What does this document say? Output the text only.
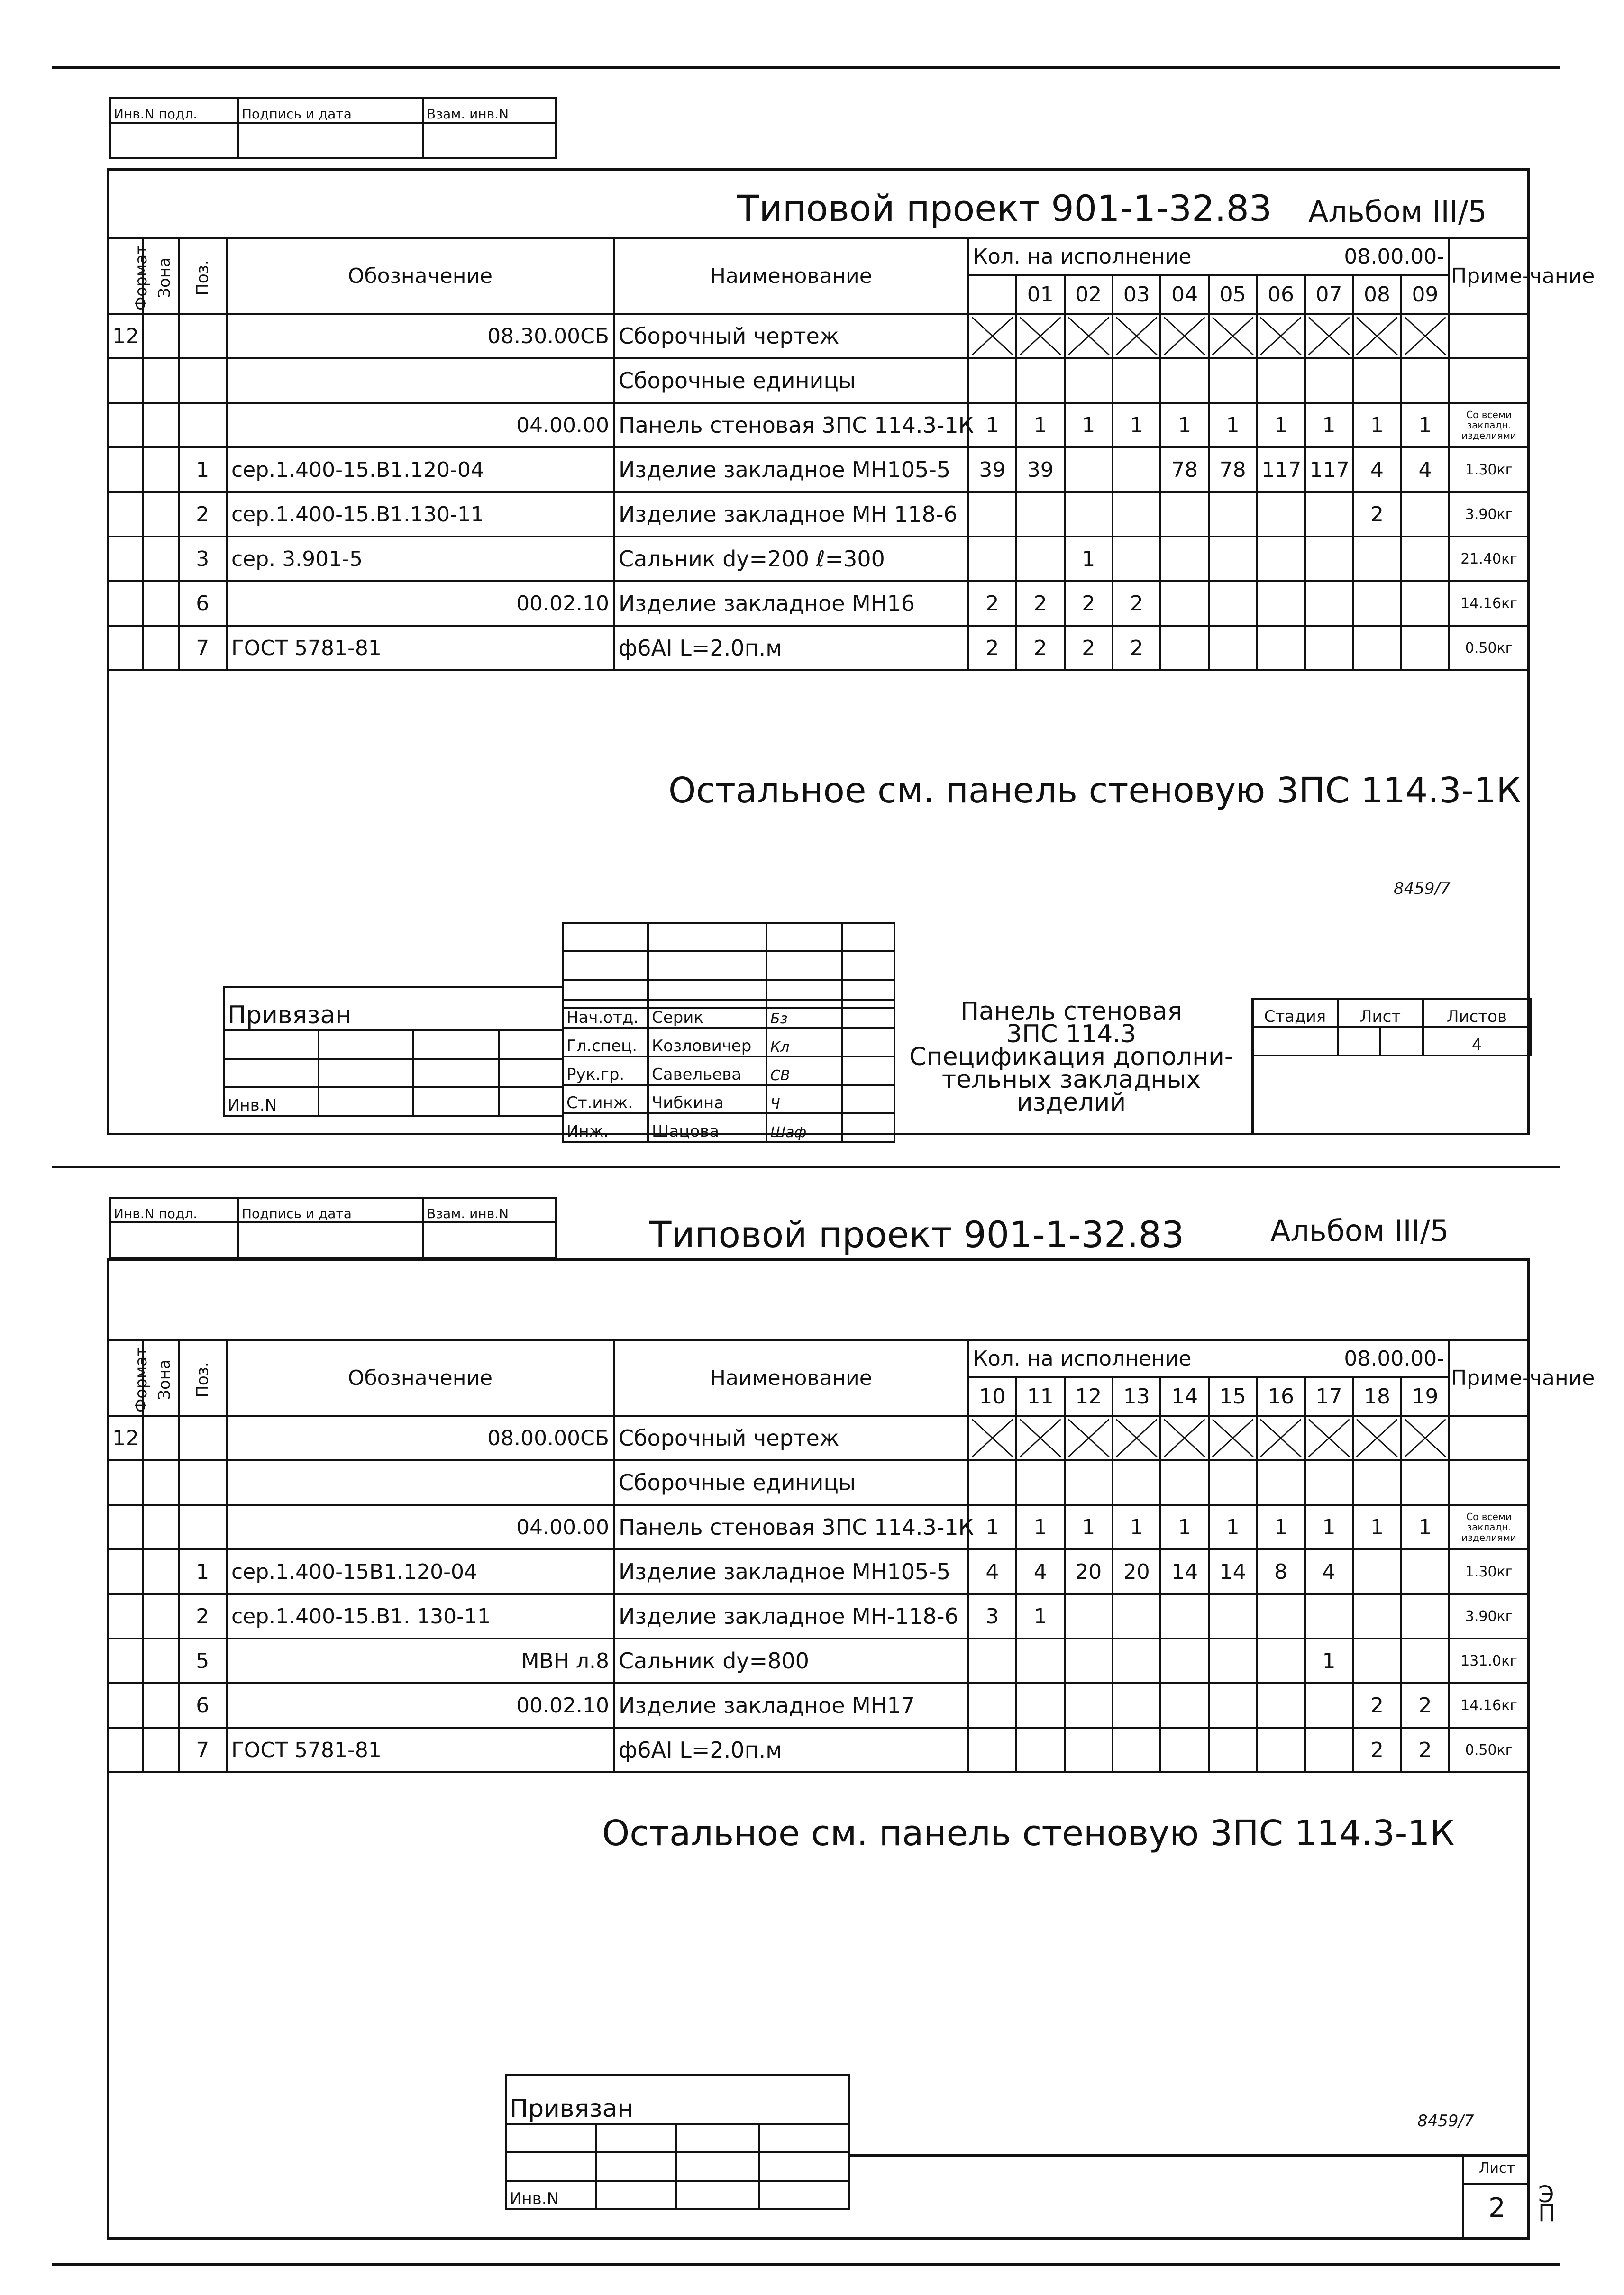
Инв.N подл.	Подпись и дата	Взам. инв.N

Типовой проект 901-1-32.83 Альбом III/5
Формат	Зона	Поз.	Обозначение	Наименование	Кол. на исполнение 08.00.00-										Приме-чание
						01	02	03	04	05	06	07	08	09	
12			08.30.00СБ	Сборочный чертеж	

				Сборочные единицы											
			04.00.00	Панель стеновая 3ПС 114.3-1К	1	1	1	1	1	1	1	1	1	1	Со всеми закладн. изделиями
		1	сер.1.400-15.В1.120-04	Изделие закладное МН105-5	39	39			78	78	117	117	4	4	1.30кг
		2	сер.1.400-15.В1.130-11	Изделие закладное МН 118-6									2		3.90кг
		3	сер. 3.901-5	Сальник dу=200 ℓ=300			1								21.40кг
		6	00.02.10	Изделие закладное МН16	2	2	2	2							14.16кг
		7	ГОСТ 5781-81	ф6АI L=2.0п.м	2	2	2	2							0.50кг
Остальное см. панель стеновую 3ПС 114.3-1К
8459/7

Нач.отд.	Серик	Бз	
Гл.спец.	Козловичер	Кл	
Рук.гр.	Савельева	СВ	
Ст.инж.	Чибкина	Ч	
Инж.	Шацова	Шаф	
Привязан			

Инв.N			
Панель стеновая
3ПС 114.3
Спецификация дополни-
тельных закладных
изделий
Стадия	Лист		Листов
			4
Инв.N подл.	Подпись и дата	Взам. инв.N
			Типовой проект 901-1-32.83	Альбом III/5
Формат	Зона	Поз.	Обозначение	Наименование	Кол. на исполнение 08.00.00-										Приме-чание
					10	11	12	13	14	15	16	17	18	19	
12			08.00.00СБ	Сборочный чертеж	

				Сборочные единицы											
			04.00.00	Панель стеновая 3ПС 114.3-1К	1	1	1	1	1	1	1	1	1	1	Со всеми закладн. изделиями
		1	сер.1.400-15В1.120-04	Изделие закладное МН105-5	4	4	20	20	14	14	8	4			1.30кг
		2	сер.1.400-15.В1. 130-11	Изделие закладное МН-118-6	3	1									3.90кг
		5	МВН л.8	Сальник dу=800								1			131.0кг
		6	00.02.10	Изделие закладное МН17									2	2	14.16кг
		7	ГОСТ 5781-81	ф6АI L=2.0п.м									2	2	0.50кг
Остальное см. панель стеновую 3ПС 114.3-1К
8459/7
Привязан			

Инв.N			
Лист
2	Э
П
